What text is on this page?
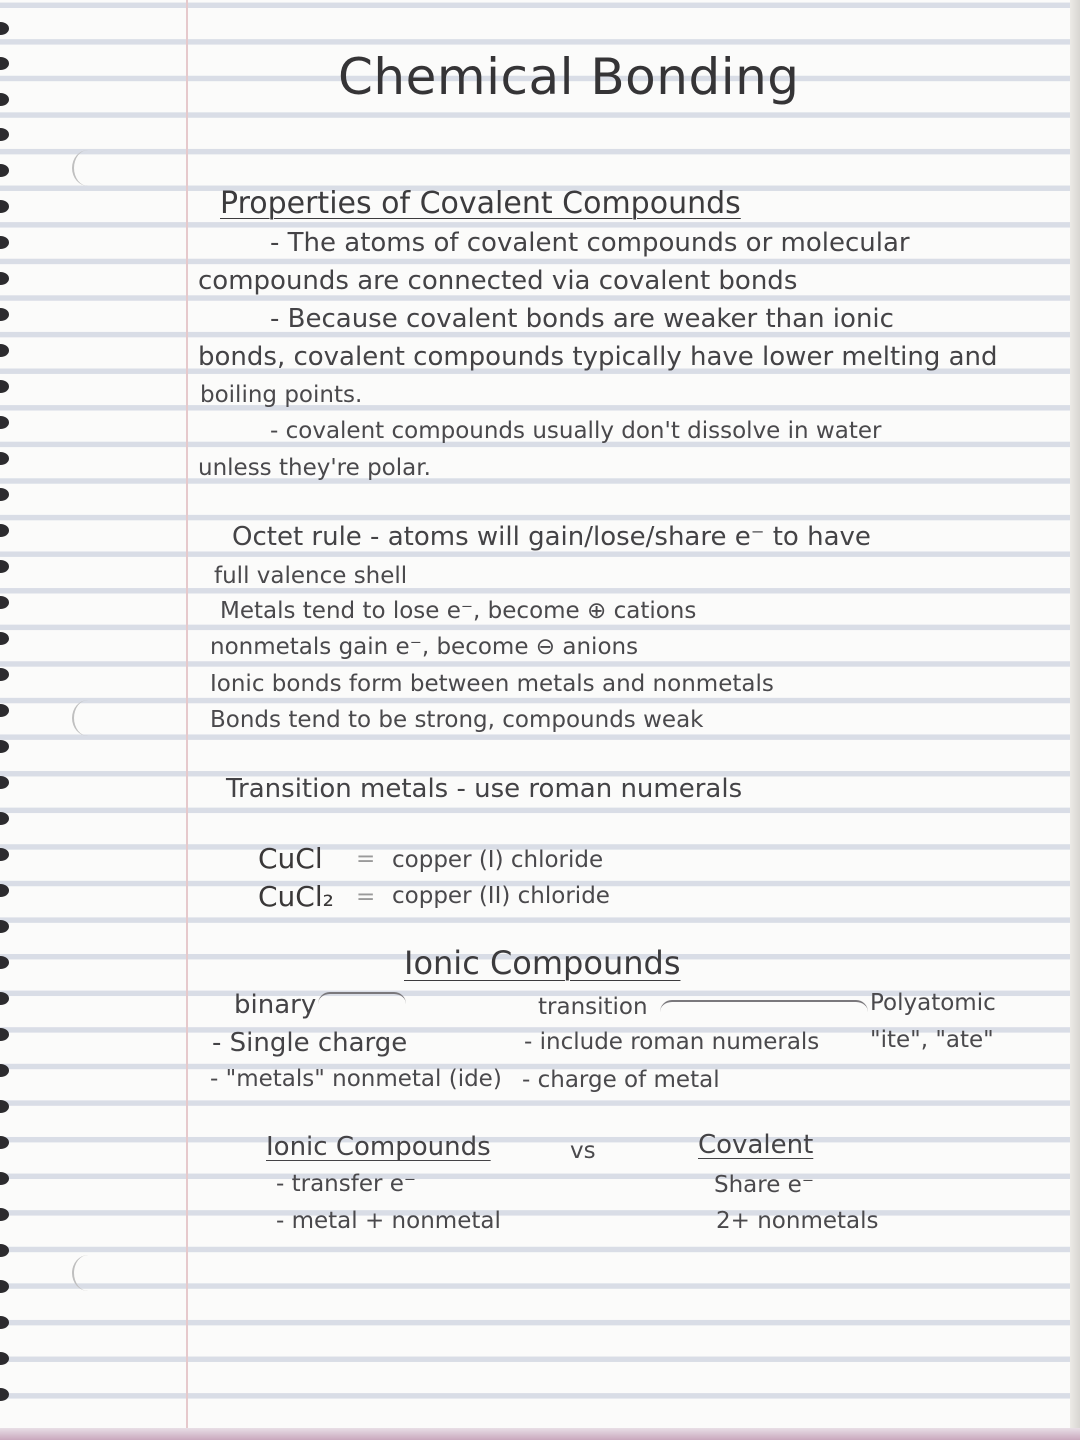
Chemical Bonding
Properties of Covalent Compounds
- The atoms of covalent compounds or molecular
compounds are connected via covalent bonds
- Because covalent bonds are weaker than ionic
bonds, covalent compounds typically have lower melting and
boiling points.
- covalent compounds usually don't dissolve in water
unless they're polar.
Octet rule - atoms will gain/lose/share e⁻ to have
full valence shell
Metals tend to lose e⁻, become ⊕ cations
nonmetals gain e⁻, become ⊖ anions
Ionic bonds form between metals and nonmetals
Bonds tend to be strong, compounds weak
Transition metals - use roman numerals
CuCl = copper (I) chloride
CuCl₂ = copper (II) chloride
Ionic Compounds
binary
- Single charge
- "metals" nonmetal (ide)
transition
- include roman numerals
- charge of metal
Polyatomic
"ite", "ate"
Ionic Compounds	vs	Covalent
- transfer e⁻
- metal + nonmetal
Share e⁻
2+ nonmetals
